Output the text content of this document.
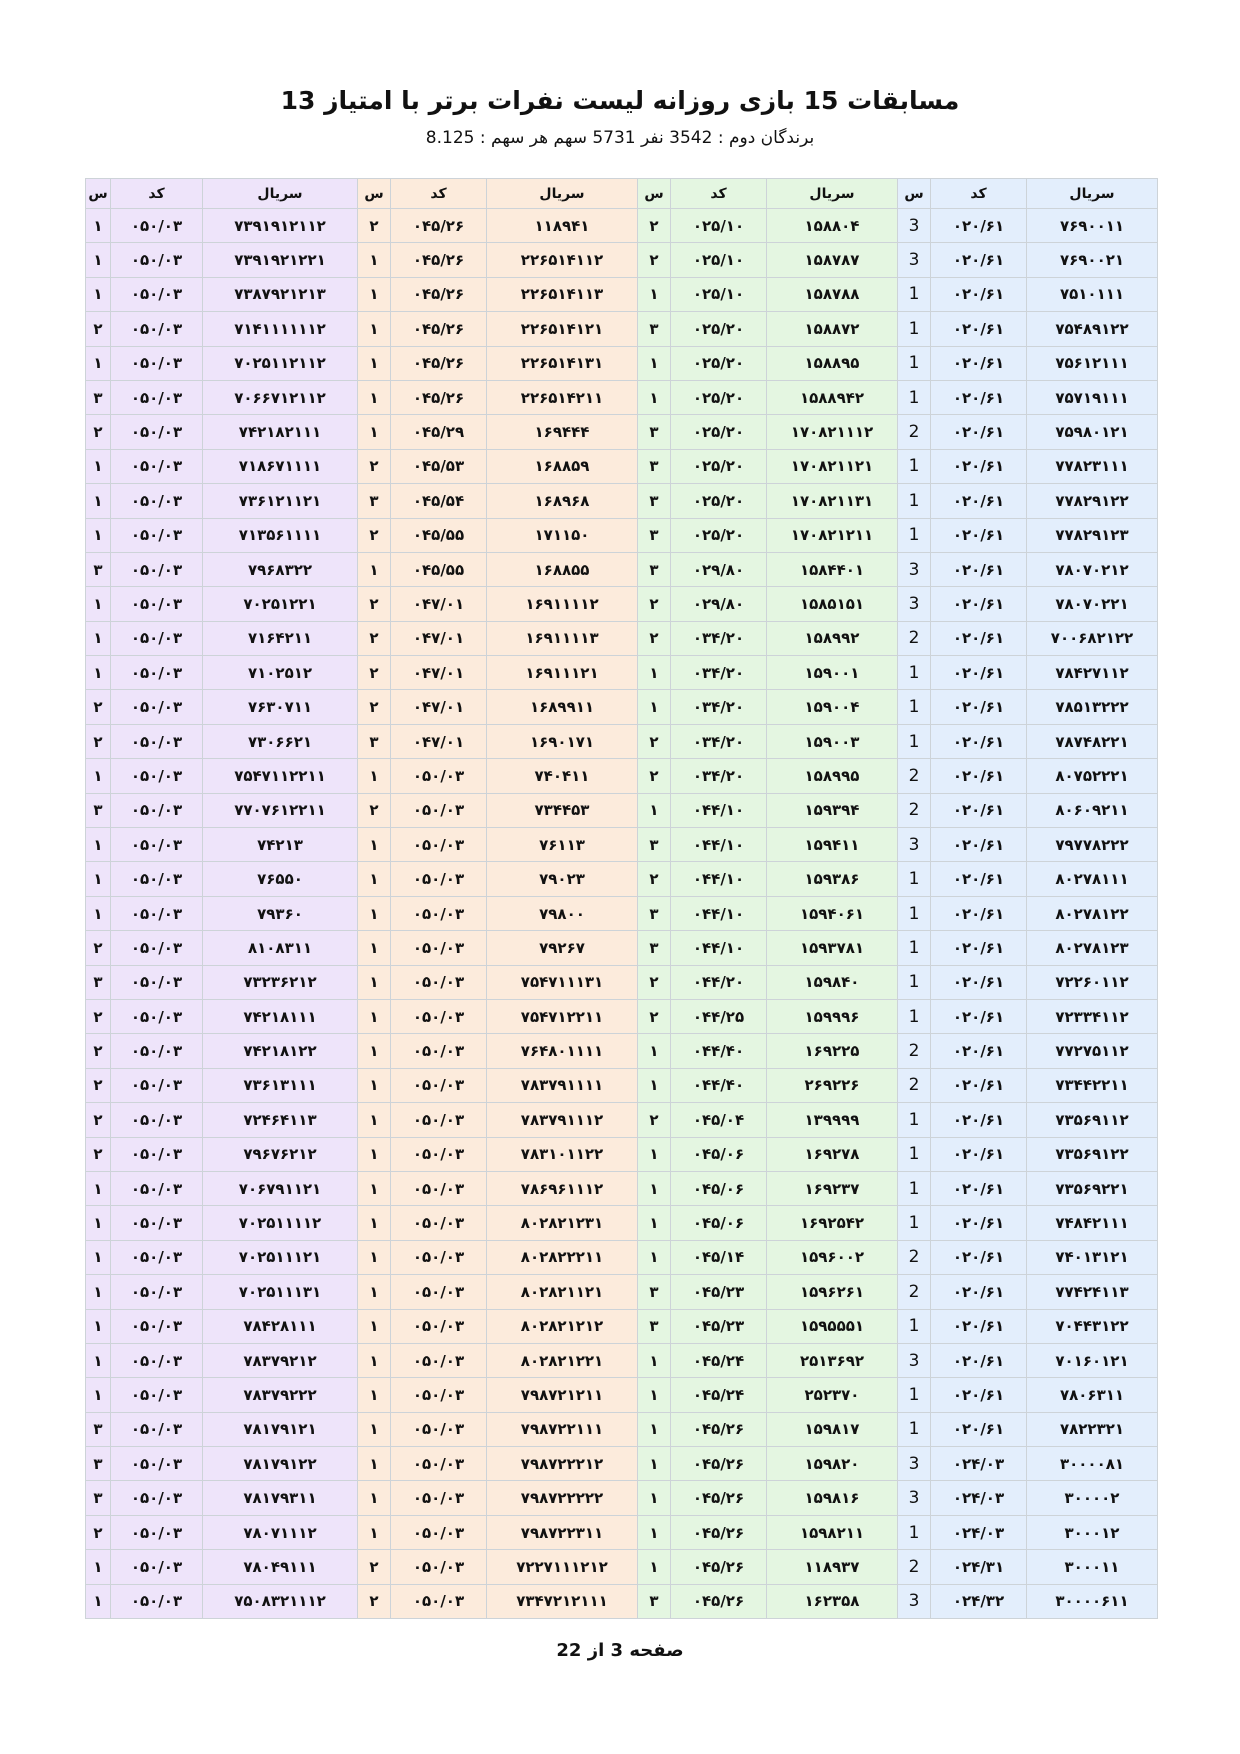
مسابقات 15 بازی روزانه لیست نفرات برتر با امتیاز 13
برندگان دوم : 3542 نفر 5731 سهم هر سهم : 8.125
سریال	کد	س	سریال	کد	س	سریال	کد	س	سریال	کد	س
۷۶۹۰۰۱۱	۰۲۰/۶۱	3	۱۵۸۸۰۴	۰۲۵/۱۰	۲	۱۱۸۹۴۱	۰۴۵/۲۶	۲	۷۳۹۱۹۱۲۱۱۲	۰۵۰/۰۳	۱
۷۶۹۰۰۲۱	۰۲۰/۶۱	3	۱۵۸۷۸۷	۰۲۵/۱۰	۲	۲۲۶۵۱۴۱۱۲	۰۴۵/۲۶	۱	۷۳۹۱۹۲۱۲۲۱	۰۵۰/۰۳	۱
۷۵۱۰۱۱۱	۰۲۰/۶۱	1	۱۵۸۷۸۸	۰۲۵/۱۰	۱	۲۲۶۵۱۴۱۱۳	۰۴۵/۲۶	۱	۷۳۸۷۹۲۱۲۱۳	۰۵۰/۰۳	۱
۷۵۴۸۹۱۲۲	۰۲۰/۶۱	1	۱۵۸۸۷۲	۰۲۵/۲۰	۳	۲۲۶۵۱۴۱۲۱	۰۴۵/۲۶	۱	۷۱۴۱۱۱۱۱۱۲	۰۵۰/۰۳	۲
۷۵۶۱۲۱۱۱	۰۲۰/۶۱	1	۱۵۸۸۹۵	۰۲۵/۲۰	۱	۲۲۶۵۱۴۱۳۱	۰۴۵/۲۶	۱	۷۰۲۵۱۱۲۱۱۲	۰۵۰/۰۳	۱
۷۵۷۱۹۱۱۱	۰۲۰/۶۱	1	۱۵۸۸۹۴۲	۰۲۵/۲۰	۱	۲۲۶۵۱۴۲۱۱	۰۴۵/۲۶	۱	۷۰۶۶۷۱۲۱۱۲	۰۵۰/۰۳	۳
۷۵۹۸۰۱۲۱	۰۲۰/۶۱	2	۱۷۰۸۲۱۱۱۲	۰۲۵/۲۰	۳	۱۶۹۴۴۴	۰۴۵/۲۹	۱	۷۴۲۱۸۲۱۱۱	۰۵۰/۰۳	۲
۷۷۸۲۳۱۱۱	۰۲۰/۶۱	1	۱۷۰۸۲۱۱۲۱	۰۲۵/۲۰	۳	۱۶۸۸۵۹	۰۴۵/۵۳	۲	۷۱۸۶۷۱۱۱۱	۰۵۰/۰۳	۱
۷۷۸۲۹۱۲۲	۰۲۰/۶۱	1	۱۷۰۸۲۱۱۳۱	۰۲۵/۲۰	۳	۱۶۸۹۶۸	۰۴۵/۵۴	۳	۷۳۶۱۲۱۱۲۱	۰۵۰/۰۳	۱
۷۷۸۲۹۱۲۳	۰۲۰/۶۱	1	۱۷۰۸۲۱۲۱۱	۰۲۵/۲۰	۳	۱۷۱۱۵۰	۰۴۵/۵۵	۲	۷۱۳۵۶۱۱۱۱	۰۵۰/۰۳	۱
۷۸۰۷۰۲۱۲	۰۲۰/۶۱	3	۱۵۸۴۴۰۱	۰۲۹/۸۰	۳	۱۶۸۸۵۵	۰۴۵/۵۵	۱	۷۹۶۸۳۲۲	۰۵۰/۰۳	۳
۷۸۰۷۰۲۲۱	۰۲۰/۶۱	3	۱۵۸۵۱۵۱	۰۲۹/۸۰	۲	۱۶۹۱۱۱۱۲	۰۴۷/۰۱	۲	۷۰۲۵۱۲۲۱	۰۵۰/۰۳	۱
۷۰۰۶۸۲۱۲۲	۰۲۰/۶۱	2	۱۵۸۹۹۲	۰۳۴/۲۰	۲	۱۶۹۱۱۱۱۳	۰۴۷/۰۱	۲	۷۱۶۴۲۱۱	۰۵۰/۰۳	۱
۷۸۴۲۷۱۱۲	۰۲۰/۶۱	1	۱۵۹۰۰۱	۰۳۴/۲۰	۱	۱۶۹۱۱۱۲۱	۰۴۷/۰۱	۲	۷۱۰۲۵۱۲	۰۵۰/۰۳	۱
۷۸۵۱۳۲۲۲	۰۲۰/۶۱	1	۱۵۹۰۰۴	۰۳۴/۲۰	۱	۱۶۸۹۹۱۱	۰۴۷/۰۱	۲	۷۶۳۰۷۱۱	۰۵۰/۰۳	۲
۷۸۷۴۸۲۲۱	۰۲۰/۶۱	1	۱۵۹۰۰۳	۰۳۴/۲۰	۲	۱۶۹۰۱۷۱	۰۴۷/۰۱	۳	۷۳۰۶۶۲۱	۰۵۰/۰۳	۲
۸۰۷۵۲۲۲۱	۰۲۰/۶۱	2	۱۵۸۹۹۵	۰۳۴/۲۰	۲	۷۴۰۴۱۱	۰۵۰/۰۳	۱	۷۵۴۷۱۱۲۲۱۱	۰۵۰/۰۳	۱
۸۰۶۰۹۲۱۱	۰۲۰/۶۱	2	۱۵۹۳۹۴	۰۴۴/۱۰	۱	۷۳۴۴۵۳	۰۵۰/۰۳	۲	۷۷۰۷۶۱۲۲۱۱	۰۵۰/۰۳	۳
۷۹۷۷۸۲۲۲	۰۲۰/۶۱	3	۱۵۹۴۱۱	۰۴۴/۱۰	۳	۷۶۱۱۳	۰۵۰/۰۳	۱	۷۴۲۱۳	۰۵۰/۰۳	۱
۸۰۲۷۸۱۱۱	۰۲۰/۶۱	1	۱۵۹۳۸۶	۰۴۴/۱۰	۲	۷۹۰۲۳	۰۵۰/۰۳	۱	۷۶۵۵۰	۰۵۰/۰۳	۱
۸۰۲۷۸۱۲۲	۰۲۰/۶۱	1	۱۵۹۴۰۶۱	۰۴۴/۱۰	۳	۷۹۸۰۰	۰۵۰/۰۳	۱	۷۹۳۶۰	۰۵۰/۰۳	۱
۸۰۲۷۸۱۲۳	۰۲۰/۶۱	1	۱۵۹۳۷۸۱	۰۴۴/۱۰	۳	۷۹۲۶۷	۰۵۰/۰۳	۱	۸۱۰۸۳۱۱	۰۵۰/۰۳	۲
۷۲۲۶۰۱۱۲	۰۲۰/۶۱	1	۱۵۹۸۴۰	۰۴۴/۲۰	۲	۷۵۴۷۱۱۱۳۱	۰۵۰/۰۳	۱	۷۳۲۳۶۲۱۲	۰۵۰/۰۳	۳
۷۲۳۳۴۱۱۲	۰۲۰/۶۱	1	۱۵۹۹۹۶	۰۴۴/۲۵	۲	۷۵۴۷۱۲۲۱۱	۰۵۰/۰۳	۱	۷۴۲۱۸۱۱۱	۰۵۰/۰۳	۲
۷۷۲۷۵۱۱۲	۰۲۰/۶۱	2	۱۶۹۲۲۵	۰۴۴/۴۰	۱	۷۶۴۸۰۱۱۱۱	۰۵۰/۰۳	۱	۷۴۲۱۸۱۲۲	۰۵۰/۰۳	۲
۷۳۴۴۲۲۱۱	۰۲۰/۶۱	2	۲۶۹۲۲۶	۰۴۴/۴۰	۱	۷۸۳۷۹۱۱۱۱	۰۵۰/۰۳	۱	۷۳۶۱۳۱۱۱	۰۵۰/۰۳	۲
۷۳۵۶۹۱۱۲	۰۲۰/۶۱	1	۱۳۹۹۹۹	۰۴۵/۰۴	۲	۷۸۳۷۹۱۱۱۲	۰۵۰/۰۳	۱	۷۲۴۶۴۱۱۳	۰۵۰/۰۳	۲
۷۳۵۶۹۱۲۲	۰۲۰/۶۱	1	۱۶۹۲۷۸	۰۴۵/۰۶	۱	۷۸۳۱۰۱۱۲۲	۰۵۰/۰۳	۱	۷۹۶۷۶۲۱۲	۰۵۰/۰۳	۲
۷۳۵۶۹۲۲۱	۰۲۰/۶۱	1	۱۶۹۲۳۷	۰۴۵/۰۶	۱	۷۸۶۹۶۱۱۱۲	۰۵۰/۰۳	۱	۷۰۶۷۹۱۱۲۱	۰۵۰/۰۳	۱
۷۴۸۴۲۱۱۱	۰۲۰/۶۱	1	۱۶۹۲۵۴۲	۰۴۵/۰۶	۱	۸۰۲۸۲۱۲۳۱	۰۵۰/۰۳	۱	۷۰۲۵۱۱۱۱۲	۰۵۰/۰۳	۱
۷۴۰۱۳۱۲۱	۰۲۰/۶۱	2	۱۵۹۶۰۰۲	۰۴۵/۱۴	۱	۸۰۲۸۲۲۲۱۱	۰۵۰/۰۳	۱	۷۰۲۵۱۱۱۲۱	۰۵۰/۰۳	۱
۷۷۴۲۴۱۱۳	۰۲۰/۶۱	2	۱۵۹۶۲۶۱	۰۴۵/۲۳	۳	۸۰۲۸۲۱۱۲۱	۰۵۰/۰۳	۱	۷۰۲۵۱۱۱۳۱	۰۵۰/۰۳	۱
۷۰۴۴۳۱۲۲	۰۲۰/۶۱	1	۱۵۹۵۵۵۱	۰۴۵/۲۳	۳	۸۰۲۸۲۱۲۱۲	۰۵۰/۰۳	۱	۷۸۴۲۸۱۱۱	۰۵۰/۰۳	۱
۷۰۱۶۰۱۲۱	۰۲۰/۶۱	3	۲۵۱۳۶۹۲	۰۴۵/۲۴	۱	۸۰۲۸۲۱۲۲۱	۰۵۰/۰۳	۱	۷۸۳۷۹۲۱۲	۰۵۰/۰۳	۱
۷۸۰۶۳۱۱	۰۲۰/۶۱	1	۲۵۲۳۷۰	۰۴۵/۲۴	۱	۷۹۸۷۲۱۲۱۱	۰۵۰/۰۳	۱	۷۸۳۷۹۲۲۲	۰۵۰/۰۳	۱
۷۸۲۲۳۲۱	۰۲۰/۶۱	1	۱۵۹۸۱۷	۰۴۵/۲۶	۱	۷۹۸۷۲۲۱۱۱	۰۵۰/۰۳	۱	۷۸۱۷۹۱۲۱	۰۵۰/۰۳	۳
۳۰۰۰۰۸۱	۰۲۴/۰۳	3	۱۵۹۸۲۰	۰۴۵/۲۶	۱	۷۹۸۷۲۲۲۱۲	۰۵۰/۰۳	۱	۷۸۱۷۹۱۲۲	۰۵۰/۰۳	۳
۳۰۰۰۰۲	۰۲۴/۰۳	3	۱۵۹۸۱۶	۰۴۵/۲۶	۱	۷۹۸۷۲۲۲۲۲	۰۵۰/۰۳	۱	۷۸۱۷۹۳۱۱	۰۵۰/۰۳	۳
۳۰۰۰۱۲	۰۲۴/۰۳	1	۱۵۹۸۲۱۱	۰۴۵/۲۶	۱	۷۹۸۷۲۲۳۱۱	۰۵۰/۰۳	۱	۷۸۰۷۱۱۱۲	۰۵۰/۰۳	۲
۳۰۰۰۱۱	۰۲۴/۳۱	2	۱۱۸۹۳۷	۰۴۵/۲۶	۱	۷۲۲۷۱۱۱۲۱۲	۰۵۰/۰۳	۲	۷۸۰۴۹۱۱۱	۰۵۰/۰۳	۱
۳۰۰۰۰۶۱۱	۰۲۴/۳۲	3	۱۶۲۳۵۸	۰۴۵/۲۶	۳	۷۳۴۷۲۱۲۱۱۱	۰۵۰/۰۳	۲	۷۵۰۸۳۲۱۱۱۲	۰۵۰/۰۳	۱
صفحه 3 از 22
